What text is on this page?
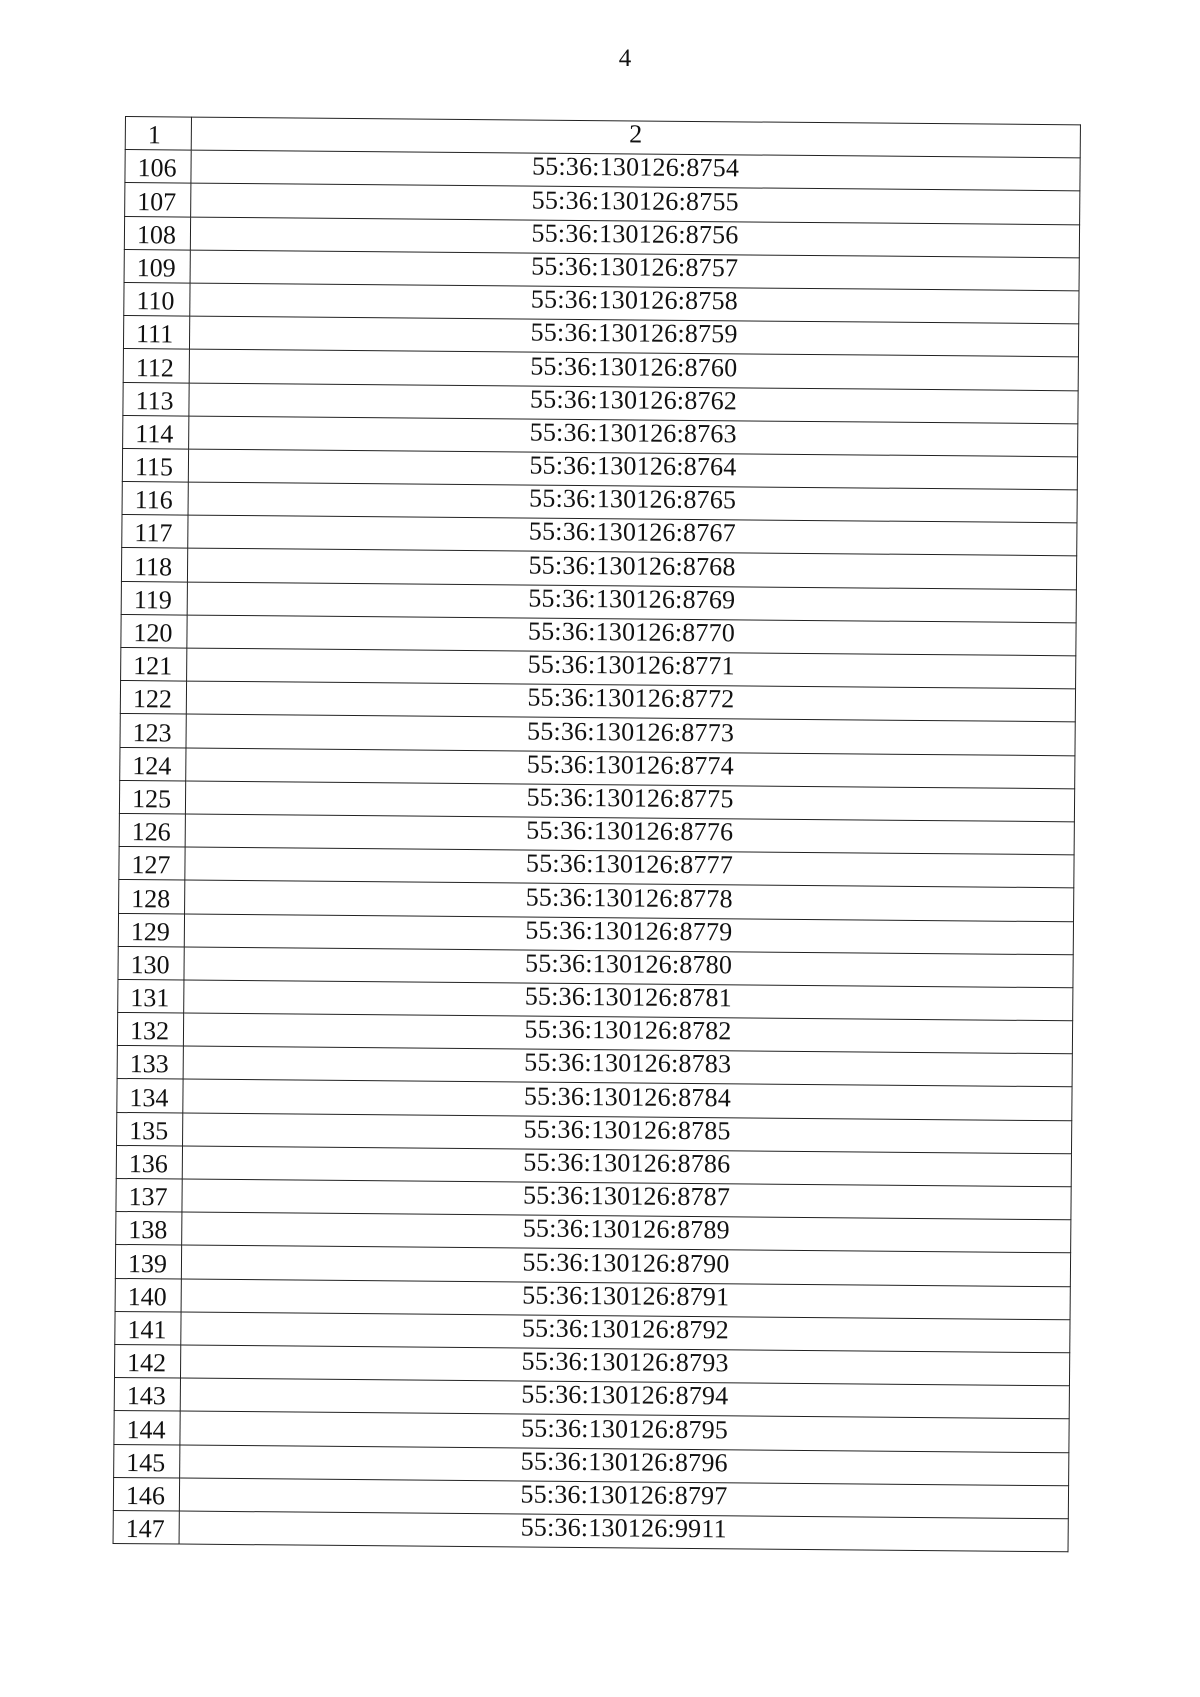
4
1	2
106	55:36:130126:8754
107	55:36:130126:8755
108	55:36:130126:8756
109	55:36:130126:8757
110	55:36:130126:8758
111	55:36:130126:8759
112	55:36:130126:8760
113	55:36:130126:8762
114	55:36:130126:8763
115	55:36:130126:8764
116	55:36:130126:8765
117	55:36:130126:8767
118	55:36:130126:8768
119	55:36:130126:8769
120	55:36:130126:8770
121	55:36:130126:8771
122	55:36:130126:8772
123	55:36:130126:8773
124	55:36:130126:8774
125	55:36:130126:8775
126	55:36:130126:8776
127	55:36:130126:8777
128	55:36:130126:8778
129	55:36:130126:8779
130	55:36:130126:8780
131	55:36:130126:8781
132	55:36:130126:8782
133	55:36:130126:8783
134	55:36:130126:8784
135	55:36:130126:8785
136	55:36:130126:8786
137	55:36:130126:8787
138	55:36:130126:8789
139	55:36:130126:8790
140	55:36:130126:8791
141	55:36:130126:8792
142	55:36:130126:8793
143	55:36:130126:8794
144	55:36:130126:8795
145	55:36:130126:8796
146	55:36:130126:8797
147	55:36:130126:9911
